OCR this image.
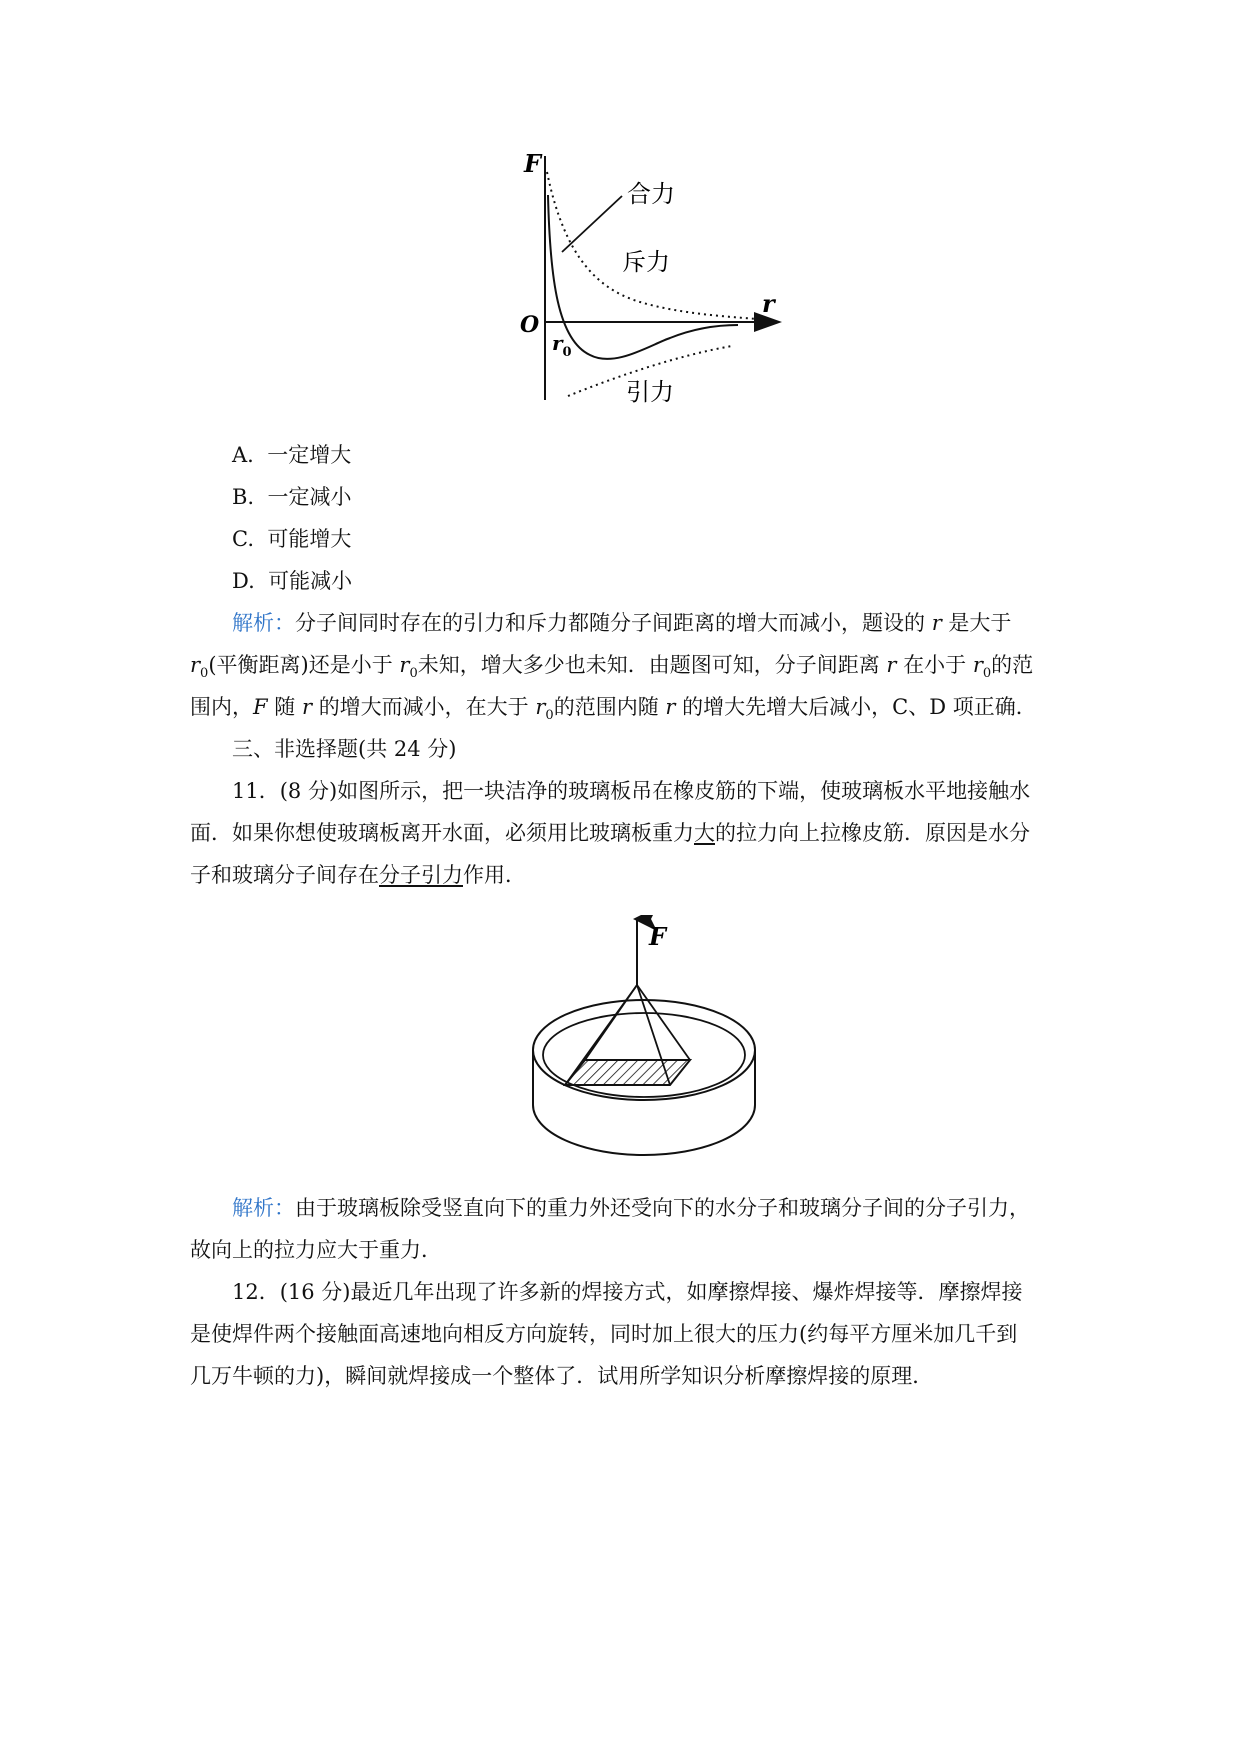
F
r
O
$r_0$
合力
斥力
引力
A. 一定增大
B. 一定减小
C. 可能增大
D. 可能减小
解析：分子间同时存在的引力和斥力都随分子间距离的增大而减小，题设的 r 是大于
$r_0$(平衡距离)还是小于 $r_0$未知，增大多少也未知．由题图可知，分子间距离 r 在小于 $r_0$的范
围内，F 随 r 的增大而减小，在大于 $r_0$的范围内随 r 的增大先增大后减小，C、D 项正确．
三、非选择题(共 24 分)
11．(8 分)如图所示，把一块洁净的玻璃板吊在橡皮筋的下端，使玻璃板水平地接触水
面．如果你想使玻璃板离开水面，必须用比玻璃板重力大的拉力向上拉橡皮筋．原因是水分
子和玻璃分子间存在分子引力作用．
F
解析：由于玻璃板除受竖直向下的重力外还受向下的水分子和玻璃分子间的分子引力，
故向上的拉力应大于重力．
12．(16 分)最近几年出现了许多新的焊接方式，如摩擦焊接、爆炸焊接等．摩擦焊接
是使焊件两个接触面高速地向相反方向旋转，同时加上很大的压力(约每平方厘米加几千到
几万牛顿的力)，瞬间就焊接成一个整体了．试用所学知识分析摩擦焊接的原理．
